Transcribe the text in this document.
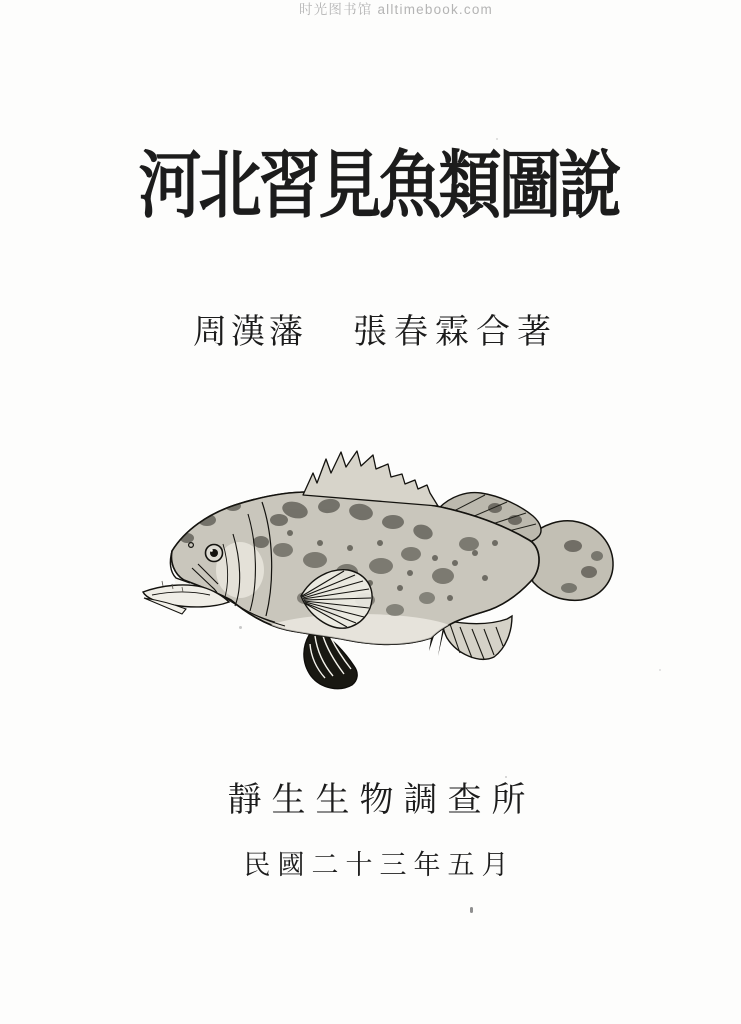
时光图书馆 alltimebook.com
河北習見魚類圖說
周漢藩 張春霖合著
靜生生物調查所
民國二十三年五月
